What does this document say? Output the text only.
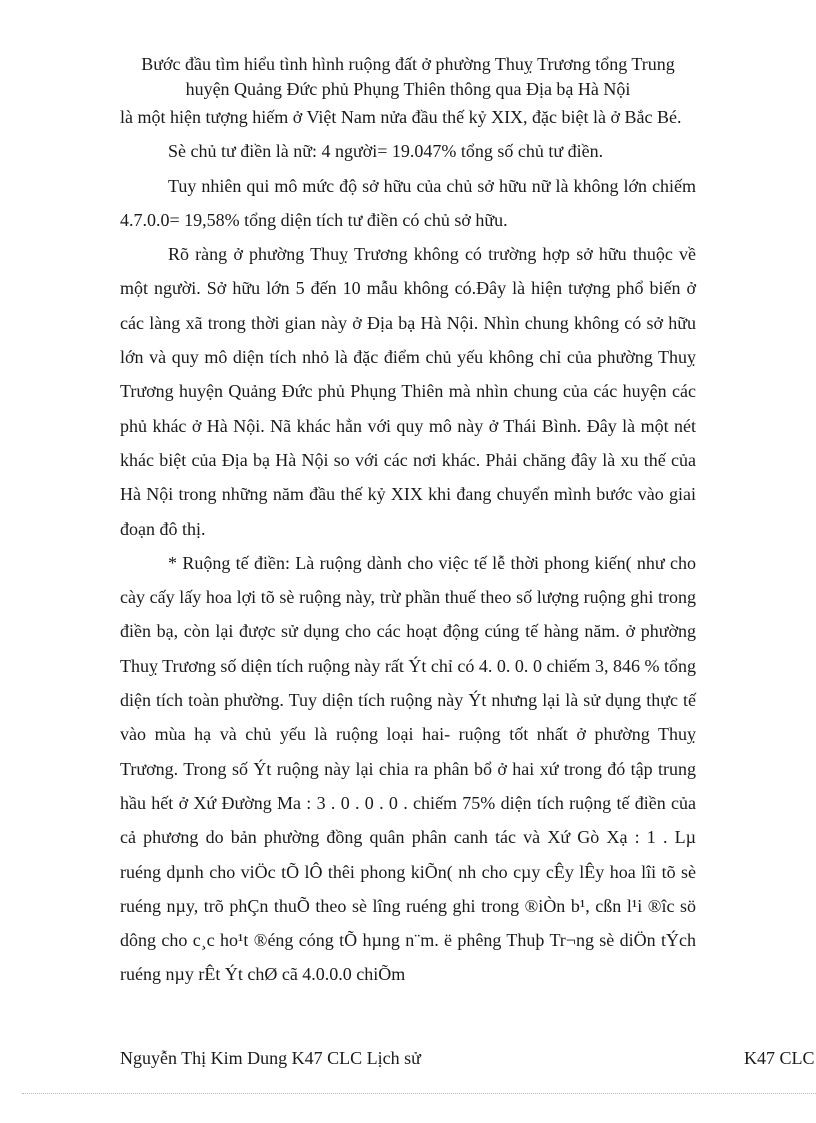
Bước đầu tìm hiểu tình hình ruộng đất ở phường Thuỵ Trương tổng Trung
huyện Quảng Đức phủ Phụng Thiên thông qua Địa bạ Hà Nội

là một hiện tượng hiếm ở Việt Nam nửa đầu thế kỷ XIX, đặc biệt là ở Bắc Bé.

Sè chủ tư điền là nữ: 4 người= 19.047% tổng số chủ tư điền.

Tuy nhiên qui mô mức độ sở hữu của chủ sở hữu nữ là không lớn chiếm 4.7.0.0= 19,58% tổng diện tích tư điền có chủ sở hữu.

Rõ ràng ở phường Thuỵ Trương không có trường hợp sở hữu thuộc về một người. Sở hữu lớn 5 đến 10 mẫu không có.Đây là hiện tượng phổ biến ở các làng xã trong thời gian này ở Địa bạ Hà Nội. Nhìn chung không có sở hữu lớn và quy mô diện tích nhỏ là đặc điểm chủ yếu không chỉ của phường Thuỵ Trương huyện Quảng Đức phủ Phụng Thiên mà nhìn chung của các huyện các phủ khác ở Hà Nội. Nã khác hẳn với quy mô này ở Thái Bình. Đây là một nét khác biệt của Địa bạ Hà Nội so với các nơi khác. Phải chăng đây là xu thế của Hà Nội trong những năm đầu thế kỷ XIX khi đang chuyển mình bước vào giai đoạn đô thị.

* Ruộng tế điền: Là ruộng dành cho việc tế lễ thời phong kiến( như cho cày cấy lấy hoa lợi tõ sè ruộng này, trừ phần thuế theo số lượng ruộng ghi trong điền bạ, còn lại được sử dụng cho các hoạt động cúng tế hàng năm. ở phường Thuỵ Trương số diện tích ruộng này rất Ýt chỉ có 4. 0. 0. 0 chiếm 3, 846 % tổng diện tích toàn phường. Tuy diện tích ruộng này Ýt nhưng lại là sử dụng thực tế vào mùa hạ và chủ yếu là ruộng loại hai- ruộng tốt nhất ở phường Thuỵ Trương. Trong số Ýt ruộng này lại chia ra phân bổ ở hai xứ trong đó tập trung hầu hết ở Xứ Đường Ma : 3 . 0 . 0 . 0 . chiếm 75% diện tích ruộng tế điền của cả phương do bản phường đồng quân phân canh tác và Xứ Gò Xạ : 1 . Lµ ruéng dµnh cho viÖc tÕ lÔ thêi phong kiÕn( nh cho cµy cÊy lÊy hoa lîi tõ sè ruéng nµy, trõ phÇn thuÕ theo sè lîng ruéng ghi trong ®iÒn b¹, cßn l¹i ®îc sö dông cho c¸c ho¹t ®éng cóng tÕ hµng n¨m. ë phêng Thuþ Tr¬ng sè diÖn tÝch ruéng nµy rÊt Ýt chØ cã 4.0.0.0 chiÕm

Nguyễn Thị Kim Dung K47 CLC Lịch sử	K47 CLC
